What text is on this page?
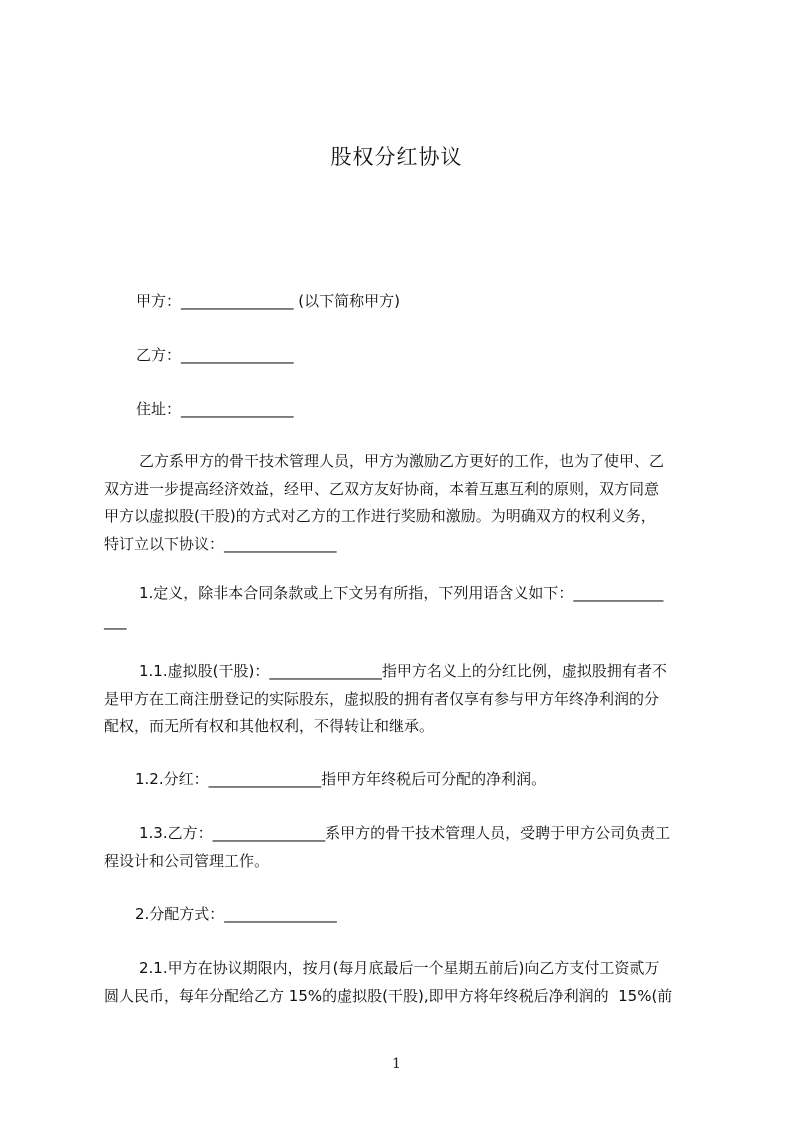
股权分红协议
甲方：_______________ (以下简称甲方)
乙方：_______________
住址：_______________
乙方系甲方的骨干技术管理人员，甲方为激励乙方更好的工作，也为了使甲、乙
双方进一步提高经济效益，经甲、乙双方友好协商，本着互惠互利的原则，双方同意
甲方以虚拟股(干股)的方式对乙方的工作进行奖励和激励。为明确双方的权利义务，
特订立以下协议：_______________
1.定义，除非本合同条款或上下文另有所指，下列用语含义如下：____________
___
1.1.虚拟股(干股)：_______________指甲方名义上的分红比例，虚拟股拥有者不
是甲方在工商注册登记的实际股东，虚拟股的拥有者仅享有参与甲方年终净利润的分
配权，而无所有权和其他权利，不得转让和继承。
1.2.分红：_______________指甲方年终税后可分配的净利润。
1.3.乙方：_______________系甲方的骨干技术管理人员，受聘于甲方公司负责工
程设计和公司管理工作。
2.分配方式：_______________
2.1.甲方在协议期限内，按月(每月底最后一个星期五前后)向乙方支付工资贰万
圆人民币，每年分配给乙方 15%的虚拟股(干股),即甲方将年终税后净利润的  15%(前
1
